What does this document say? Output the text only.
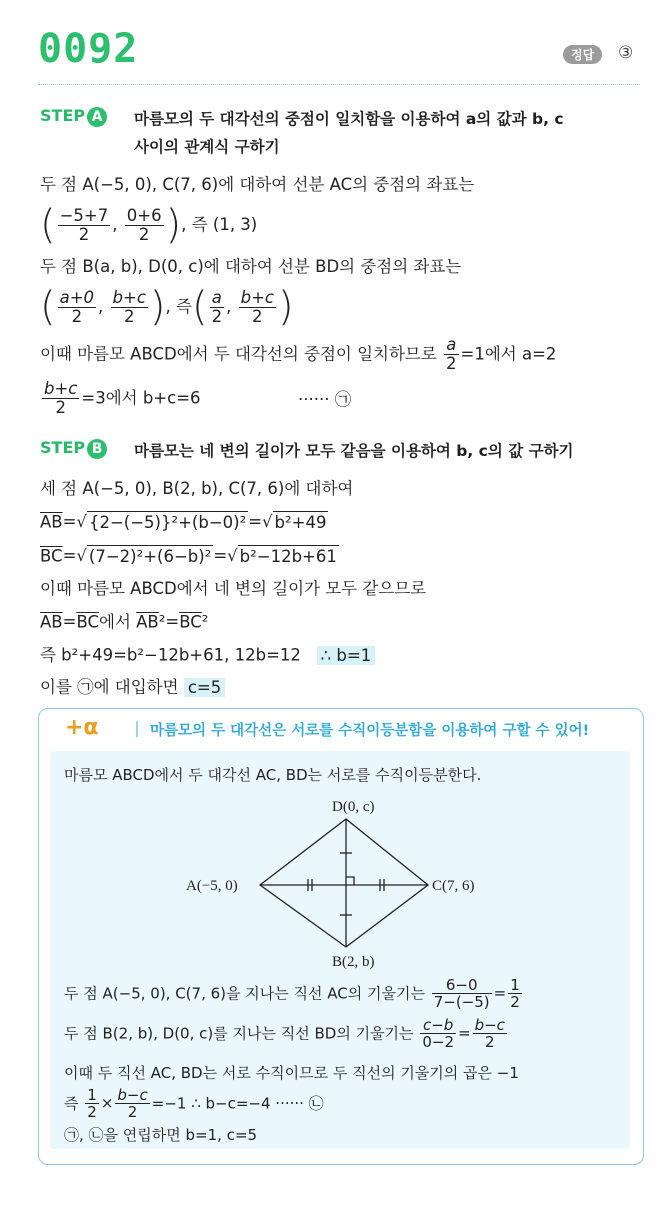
0092	정답	③
STEP A 마름모의 두 대각선의 중점이 일치함을 이용하여 a의 값과 b, c
사이의 관계식 구하기
두 점 A(−5, 0), C(7, 6)에 대하여 선분 AC의 중점의 좌표는
( $\frac{-5+7}{2}$ , $\frac{0+6}{2}$ ), 즉 (1, 3)
두 점 B(a, b), D(0, c)에 대하여 선분 BD의 중점의 좌표는
( $\frac{a+0}{2}$ , $\frac{b+c}{2}$ ), 즉( $\frac{a}{2}$ , $\frac{b+c}{2}$ )
이때 마름모 ABCD에서 두 대각선의 중점이 일치하므로 $\frac{a}{2} =1$에서 a=2
$\frac{b+c}{2} =3$에서 b+c=6	······ ㉠
STEP B	마름모는 네 변의 길이가 모두 같음을 이용하여 b, c의 값 구하기
세 점 A(−5, 0), B(2, b), C(7, 6)에 대하여
$\overline{AB}=√$ {2−(−5)}²+(b−0)² =√ b²+49
$\overline{BC}=√$ (7−2)²+(6−b)² =√ b²−12b+61
이때 마름모 ABCD에서 네 변의 길이가 모두 같으므로
$\overline{AB}=\overline{BC}$에서 $\overline{AB}^2=\overline{BC}^2$
즉 b²+49=b²−12b+61, 12b=12 ∴ b=1
이를 ㉠에 대입하면 c=5
+α	마름모의 두 대각선은 서로를 수직이등분함을 이용하여 구할 수 있어!
마름모 ABCD에서 두 대각선 AC, BD는 서로를 수직이등분한다.
D(0, c)
A(−5, 0)	C(7, 6)
B(2, b)
두 점 A(−5, 0), C(7, 6)을 지나는 직선 AC의 기울기는 $\frac{6-0}{7-(-5)} = \frac{1}{2}$
두 점 B(2, b), D(0, c)를 지나는 직선 BD의 기울기는 $\frac{c-b}{0-2} = \frac{b-c}{2}$
이때 두 직선 AC, BD는 서로 수직이므로 두 직선의 기울기의 곱은 −1
즉 $\frac{1}{2} \times \frac{b-c}{2} =-1$ ∴ b−c=−4 ······ ㉡
㉠, ㉡을 연립하면 b=1, c=5
